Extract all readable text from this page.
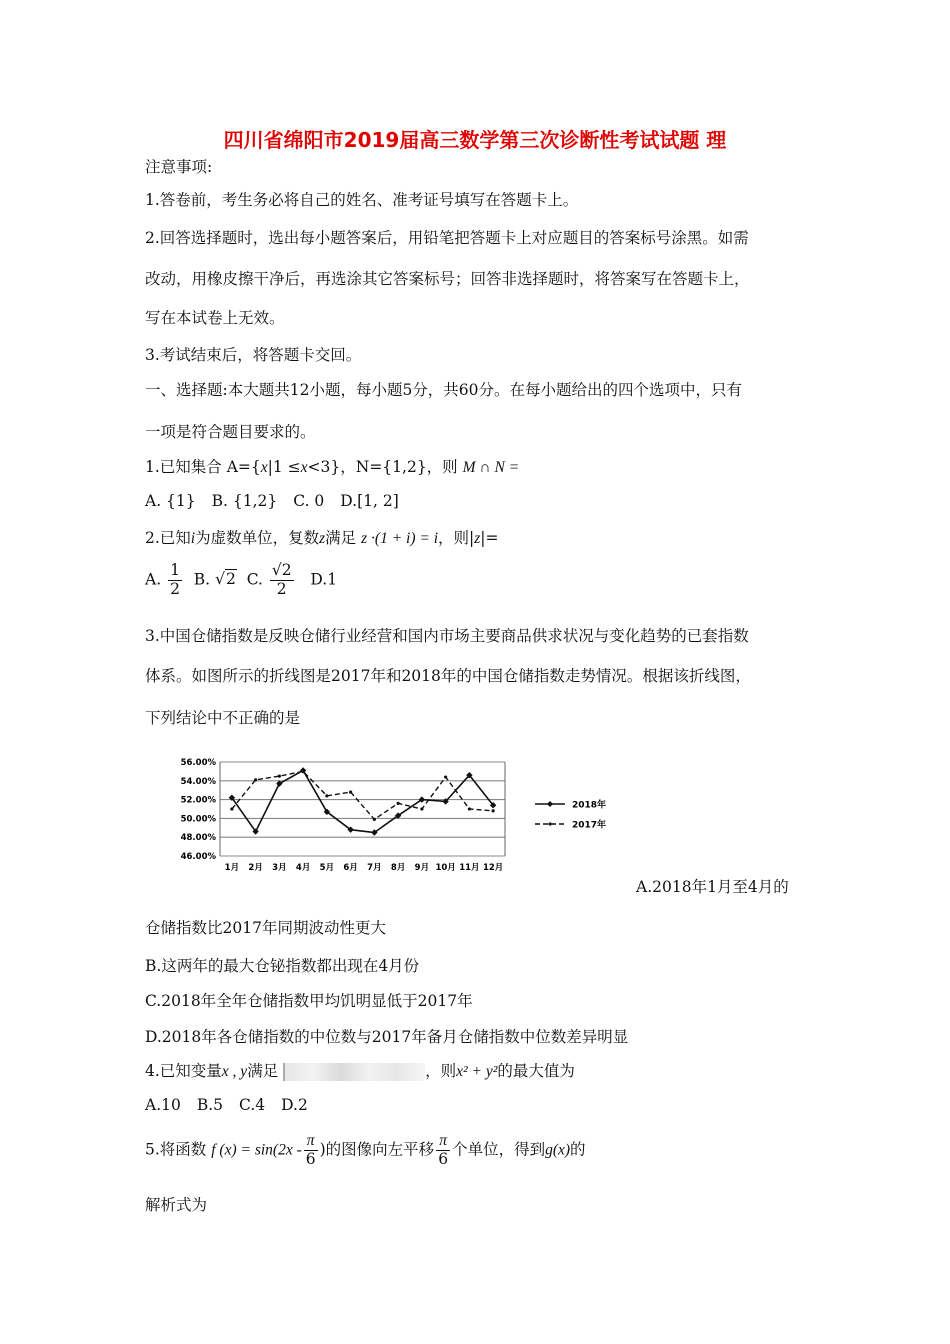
四川省绵阳市2019届高三数学第三次诊断性考试试题 理
注意事项:
1.答卷前，考生务必将自己的姓名、准考证号填写在答题卡上。
2.回答选择题时，选出每小题答案后，用铅笔把答题卡上对应题目的答案标号涂黑。如需
改动，用橡皮擦干净后，再选涂其它答案标号；回答非选择题时，将答案写在答题卡上，
写在本试卷上无效。
3.考试结束后，将答题卡交回。
一、选择题:本大题共12小题，每小题5分，共60分。在每小题给出的四个选项中，只有
一项是符合题目要求的。
1.已知集合 A={x|1 ≤x<3}，N={1,2}，则 M ∩ N =
A. {1} B. {1,2} C. 0 D.[1, 2]
2.已知i为虚数单位，复数z满足 z ·(1 + i) = i，则|z|=
A. $\frac{1}{2} B$. √2 C. $\frac{√2}{2} D.1$
3.中国仓储指数是反映仓储行业经营和国内市场主要商品供求状况与变化趋势的已套指数
体系。如图所示的折线图是2017年和2018年的中国仓储指数走势情况。根据该折线图，
下列结论中不正确的是
56.00%
54.00%
52.00%
50.00%
48.00%
46.00%
1月 2月 3月 4月 5月 6月 7月 8月 9月 10月 11月 12月
2018年
2017年
A.2018年1月至4月的
仓储指数比2017年同期波动性更大
B.这两年的最大仓铋指数都出现在4月份
C.2018年全年仓储指数甲均饥明显低于2017年
D.2018年各仓储指数的中位数与2017年备月仓储指数中位数差异明显
4.已知变量x , y满足	，则x² + y²的最大值为
A.10 B.5 C.4 D.2
5.将函数 f $(x) = \sin(2x - \frac{\pi}{6}$ )的图像向左平移 $\frac{\pi}{6}$ 个单位，得到g(x)的
解析式为
